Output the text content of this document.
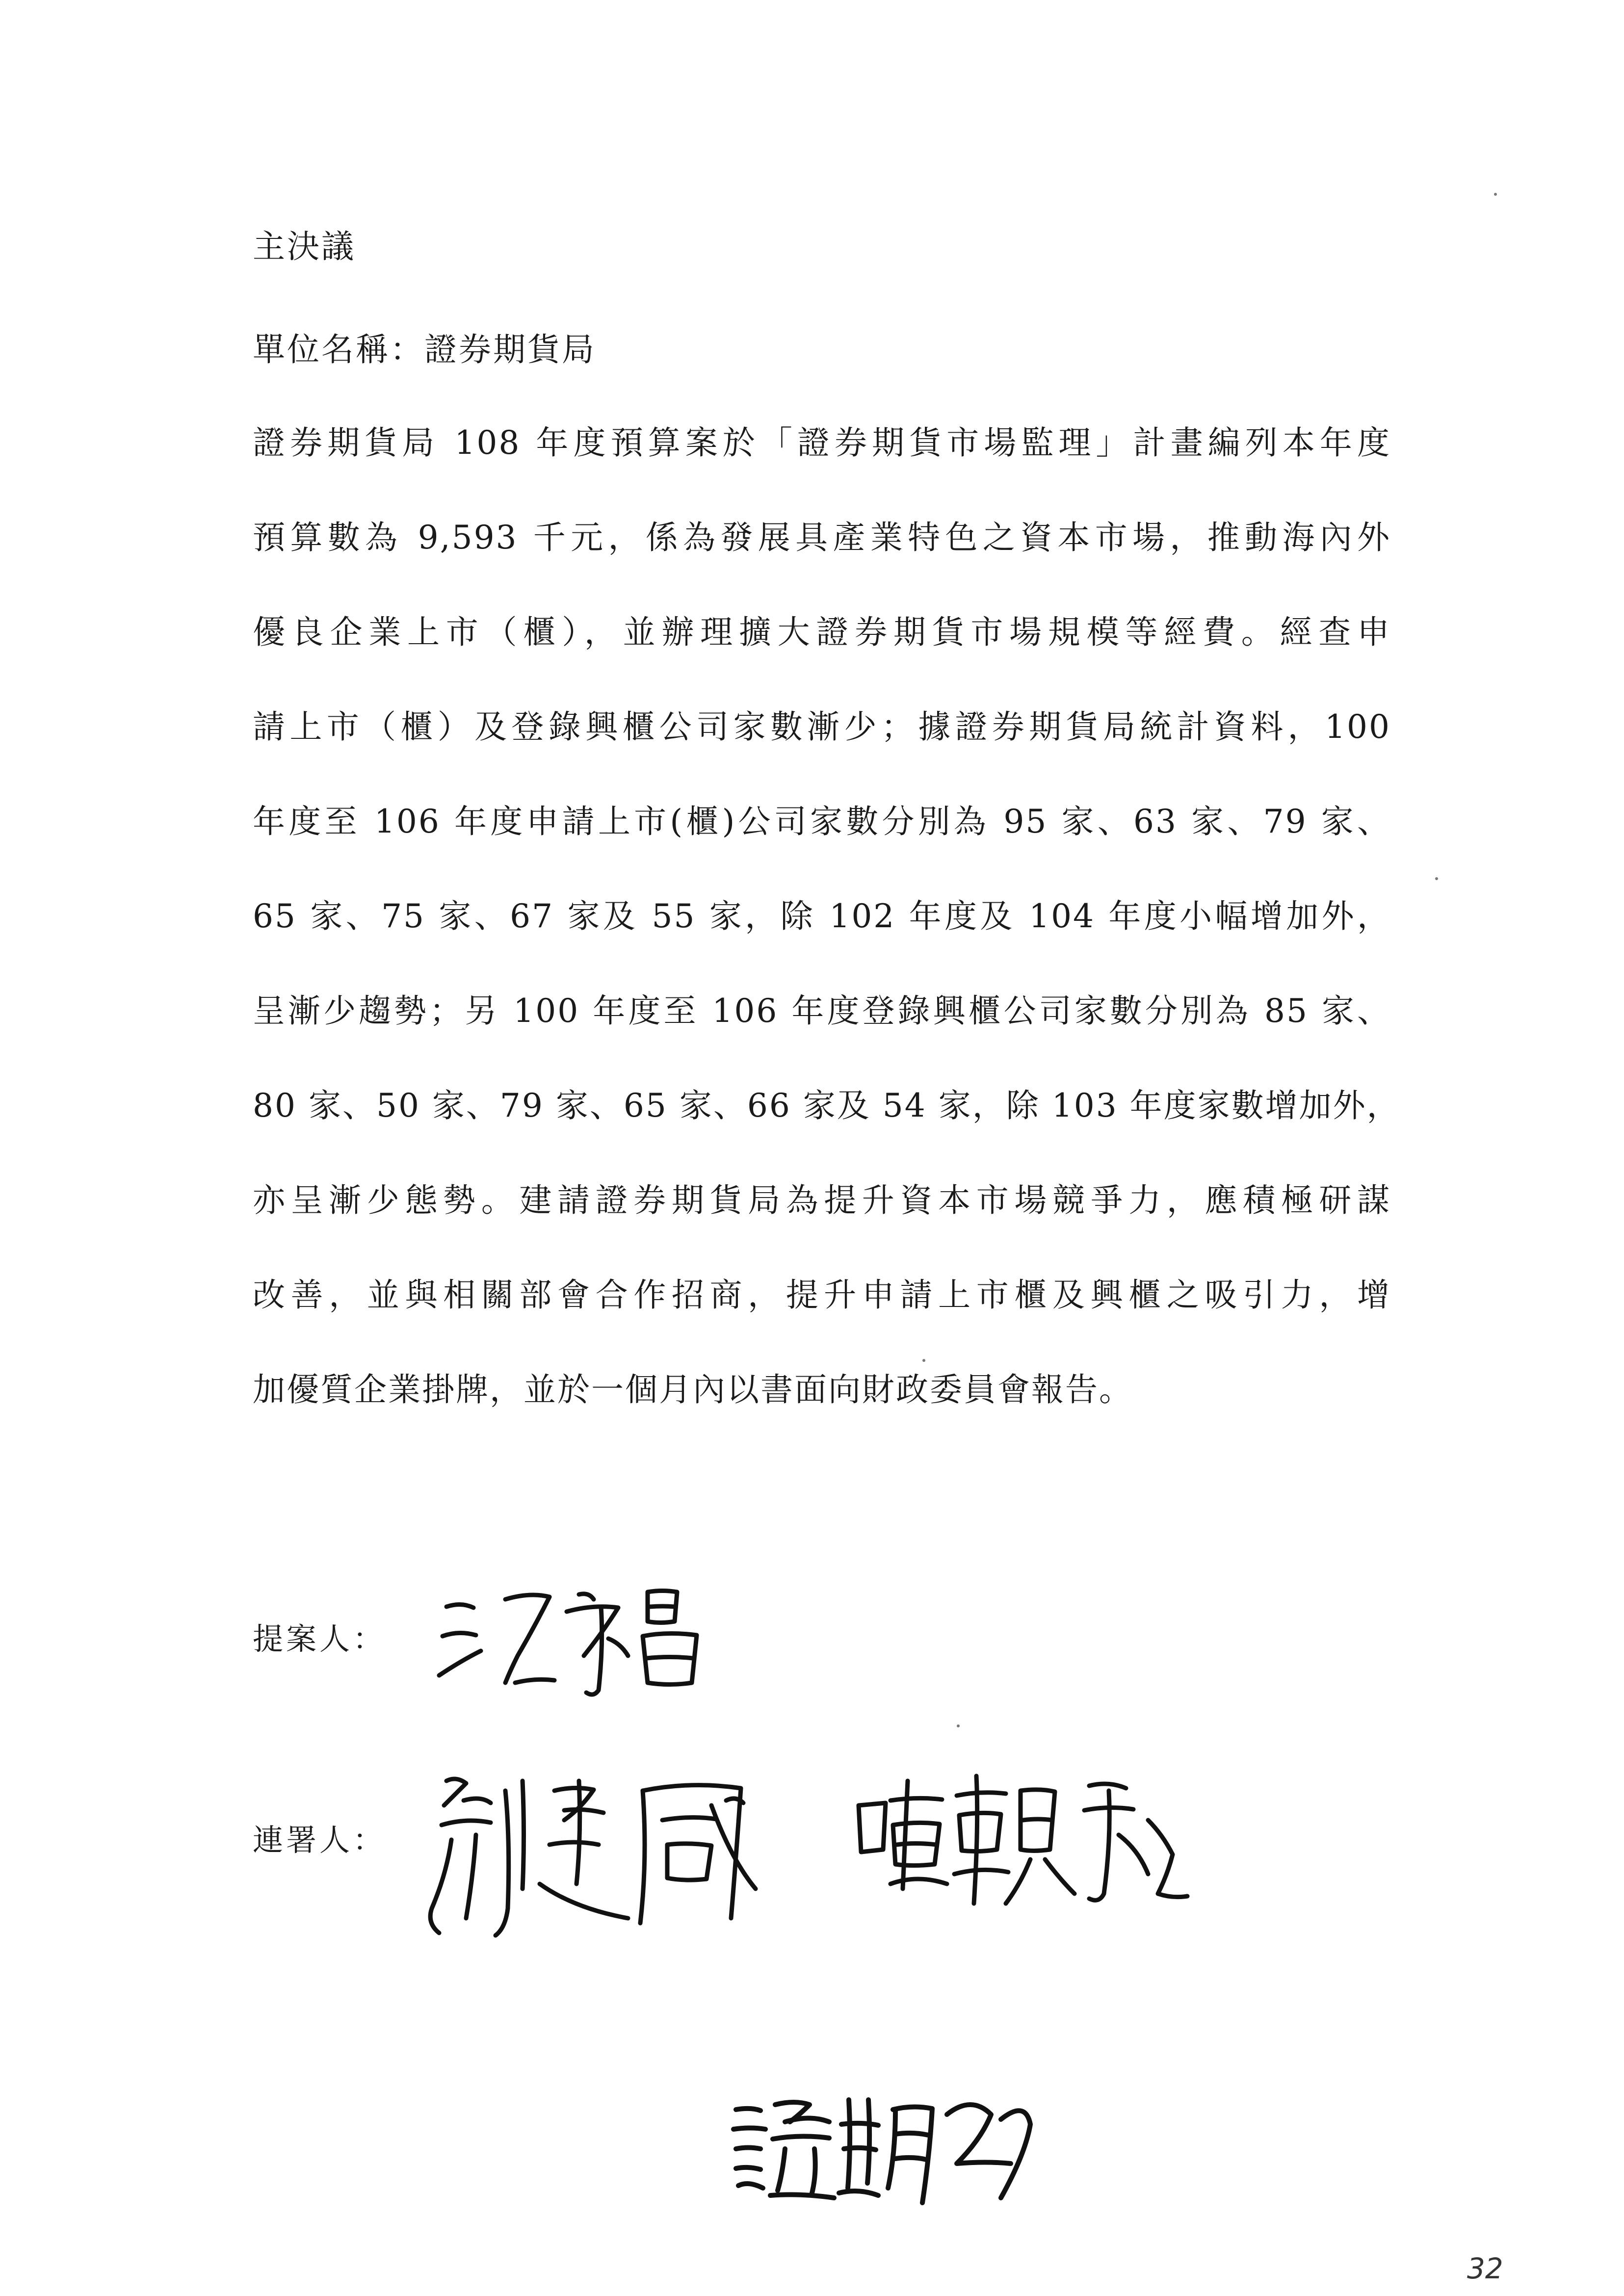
主決議
單位名稱：證券期貨局
證券期貨局 108 年度預算案於「證券期貨市場監理」計畫編列本年度
預算數為 9,593 千元，係為發展具產業特色之資本市場，推動海內外
優良企業上市（櫃），並辦理擴大證券期貨市場規模等經費。經查申
請上市（櫃）及登錄興櫃公司家數漸少；據證券期貨局統計資料，100
年度至 106 年度申請上市(櫃)公司家數分別為 95 家、63 家、79 家、
65 家、75 家、67 家及 55 家，除 102 年度及 104 年度小幅增加外，
呈漸少趨勢；另 100 年度至 106 年度登錄興櫃公司家數分別為 85 家、
80 家、50 家、79 家、65 家、66 家及 54 家，除 103 年度家數增加外，
亦呈漸少態勢。建請證券期貨局為提升資本市場競爭力，應積極研謀
改善，並與相關部會合作招商，提升申請上市櫃及興櫃之吸引力，增
加優質企業掛牌，並於一個月內以書面向財政委員會報告。
提案人：
連署人：
32
